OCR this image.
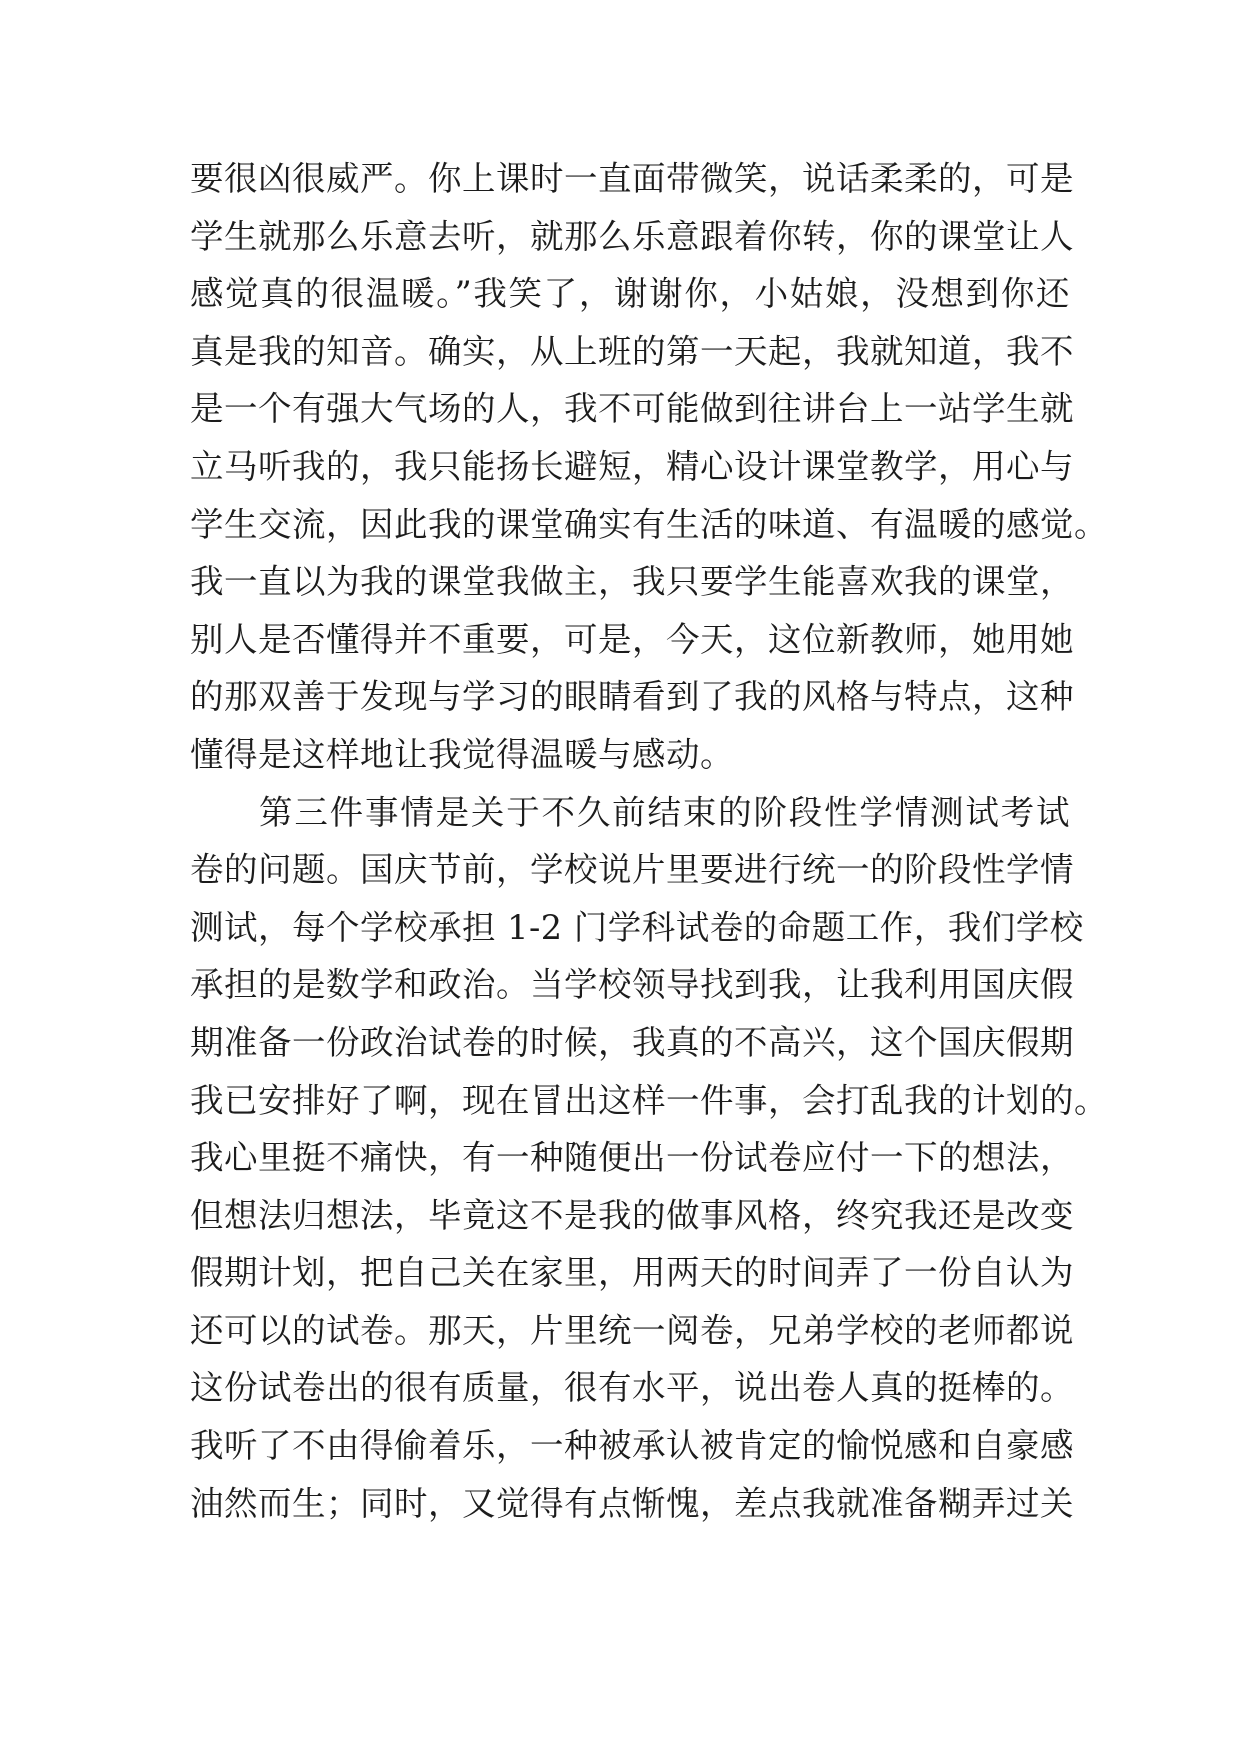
要很凶很威严。你上课时一直面带微笑，说话柔柔的，可是
学生就那么乐意去听，就那么乐意跟着你转，你的课堂让人
感觉真的很温暖。”我笑了，谢谢你，小姑娘，没想到你还
真是我的知音。确实，从上班的第一天起，我就知道，我不
是一个有强大气场的人，我不可能做到往讲台上一站学生就
立马听我的，我只能扬长避短，精心设计课堂教学，用心与
学生交流，因此我的课堂确实有生活的味道、有温暖的感觉。
我一直以为我的课堂我做主，我只要学生能喜欢我的课堂，
别人是否懂得并不重要，可是，今天，这位新教师，她用她
的那双善于发现与学习的眼睛看到了我的风格与特点，这种
懂得是这样地让我觉得温暖与感动。
第三件事情是关于不久前结束的阶段性学情测试考试
卷的问题。国庆节前，学校说片里要进行统一的阶段性学情
测试，每个学校承担 1-2 门学科试卷的命题工作，我们学校
承担的是数学和政治。当学校领导找到我，让我利用国庆假
期准备一份政治试卷的时候，我真的不高兴，这个国庆假期
我已安排好了啊，现在冒出这样一件事，会打乱我的计划的。
我心里挺不痛快，有一种随便出一份试卷应付一下的想法，
但想法归想法，毕竟这不是我的做事风格，终究我还是改变
假期计划，把自己关在家里，用两天的时间弄了一份自认为
还可以的试卷。那天，片里统一阅卷，兄弟学校的老师都说
这份试卷出的很有质量，很有水平，说出卷人真的挺棒的。
我听了不由得偷着乐，一种被承认被肯定的愉悦感和自豪感
油然而生；同时，又觉得有点惭愧，差点我就准备糊弄过关
